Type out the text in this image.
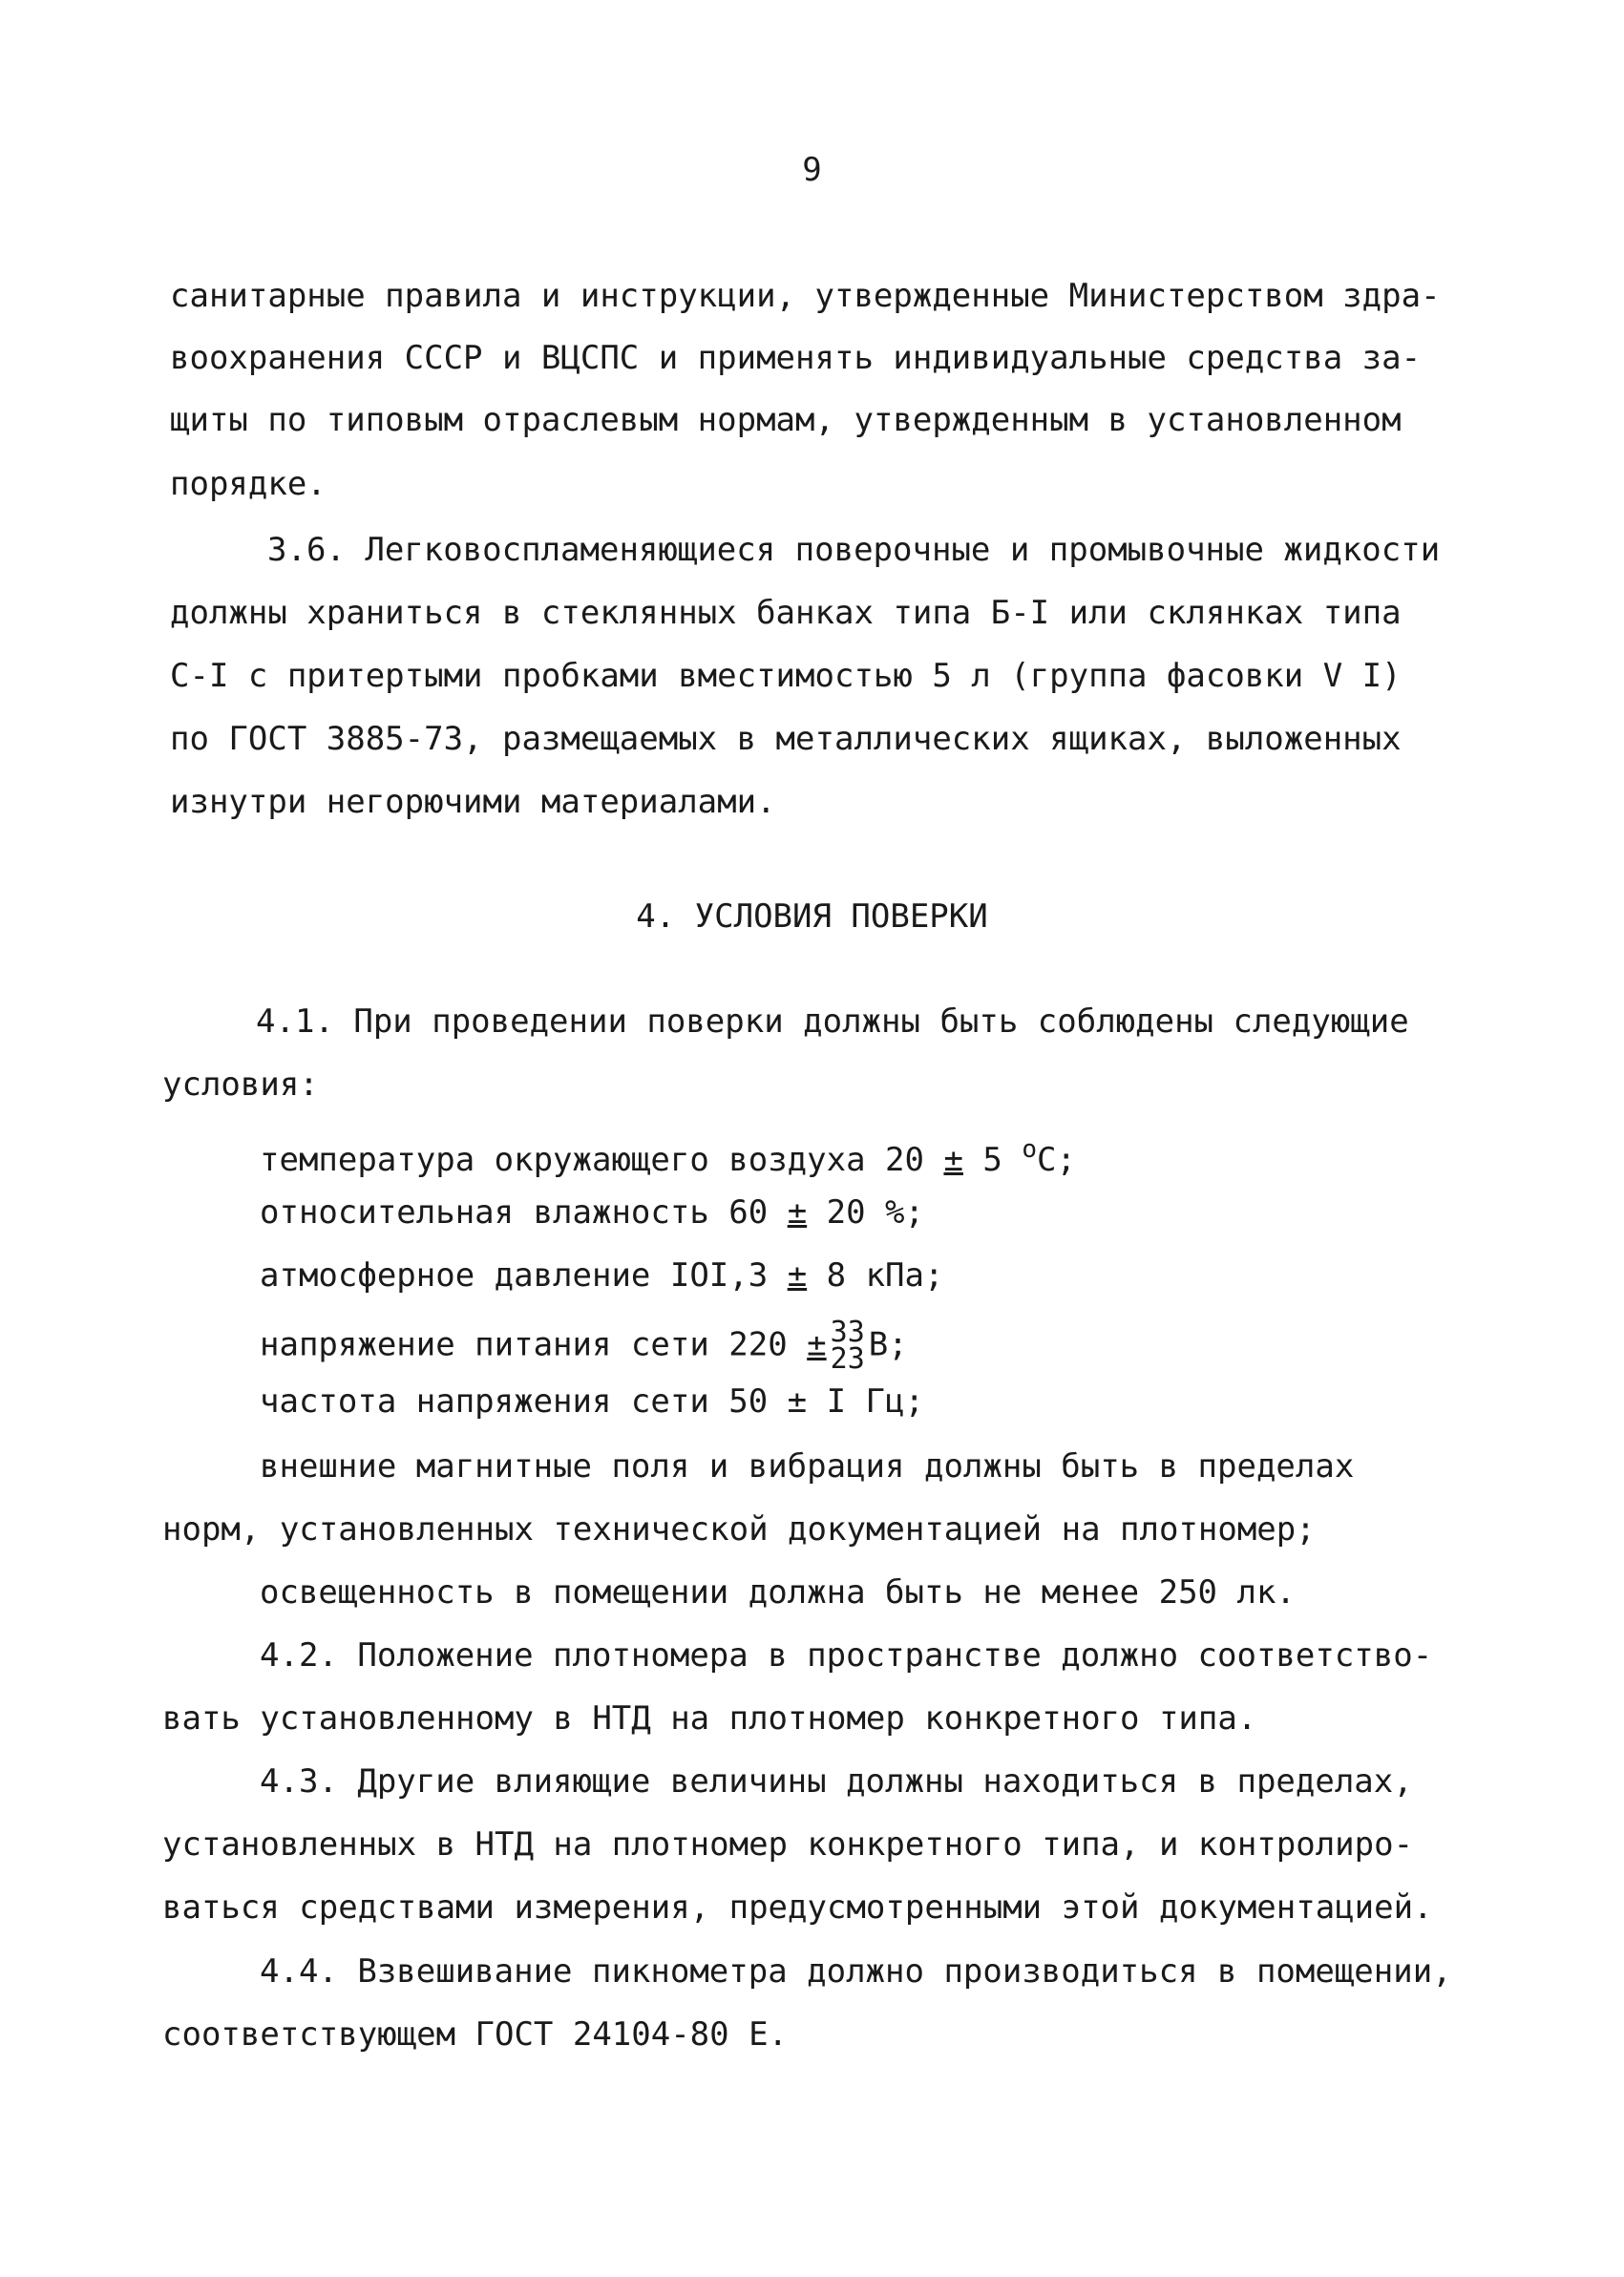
9
санитарные правила и инструкции, утвержденные Министерством здра-
воохранения СССР и ВЦСПС и применять индивидуальные средства за-
щиты по типовым отраслевым нормам, утвержденным в установленном
порядке.
3.6. Легковоспламеняющиеся поверочные и промывочные жидкости
должны храниться в стеклянных банках типа Б-I или склянках типа
С-I с притертыми пробками вместимостью 5 л (группа фасовки V I)
по ГОСТ 3885-73, размещаемых в металлических ящиках, выложенных
изнутри негорючими материалами.
4. УСЛОВИЯ ПОВЕРКИ
4.1. При проведении поверки должны быть соблюдены следующие
условия:
температура окружающего воздуха 20 ± 5 $^о$С;
относительная влажность 60 ± 20 %;
атмосферное давление IOI,3 ± 8 кПа;
напряжение питания сети 220 ± 33
23 В;
частота напряжения сети 50 ± I Гц;
внешние магнитные поля и вибрация должны быть в пределах
норм, установленных технической документацией на плотномер;
освещенность в помещении должна быть не менее 250 лк.
4.2. Положение плотномера в пространстве должно соответство-
вать установленному в НТД на плотномер конкретного типа.
4.3. Другие влияющие величины должны находиться в пределах,
установленных в НТД на плотномер конкретного типа, и контролиро-
ваться средствами измерения, предусмотренными этой документацией.
4.4. Взвешивание пикнометра должно производиться в помещении,
соответствующем ГОСТ 24104-80 Е.
